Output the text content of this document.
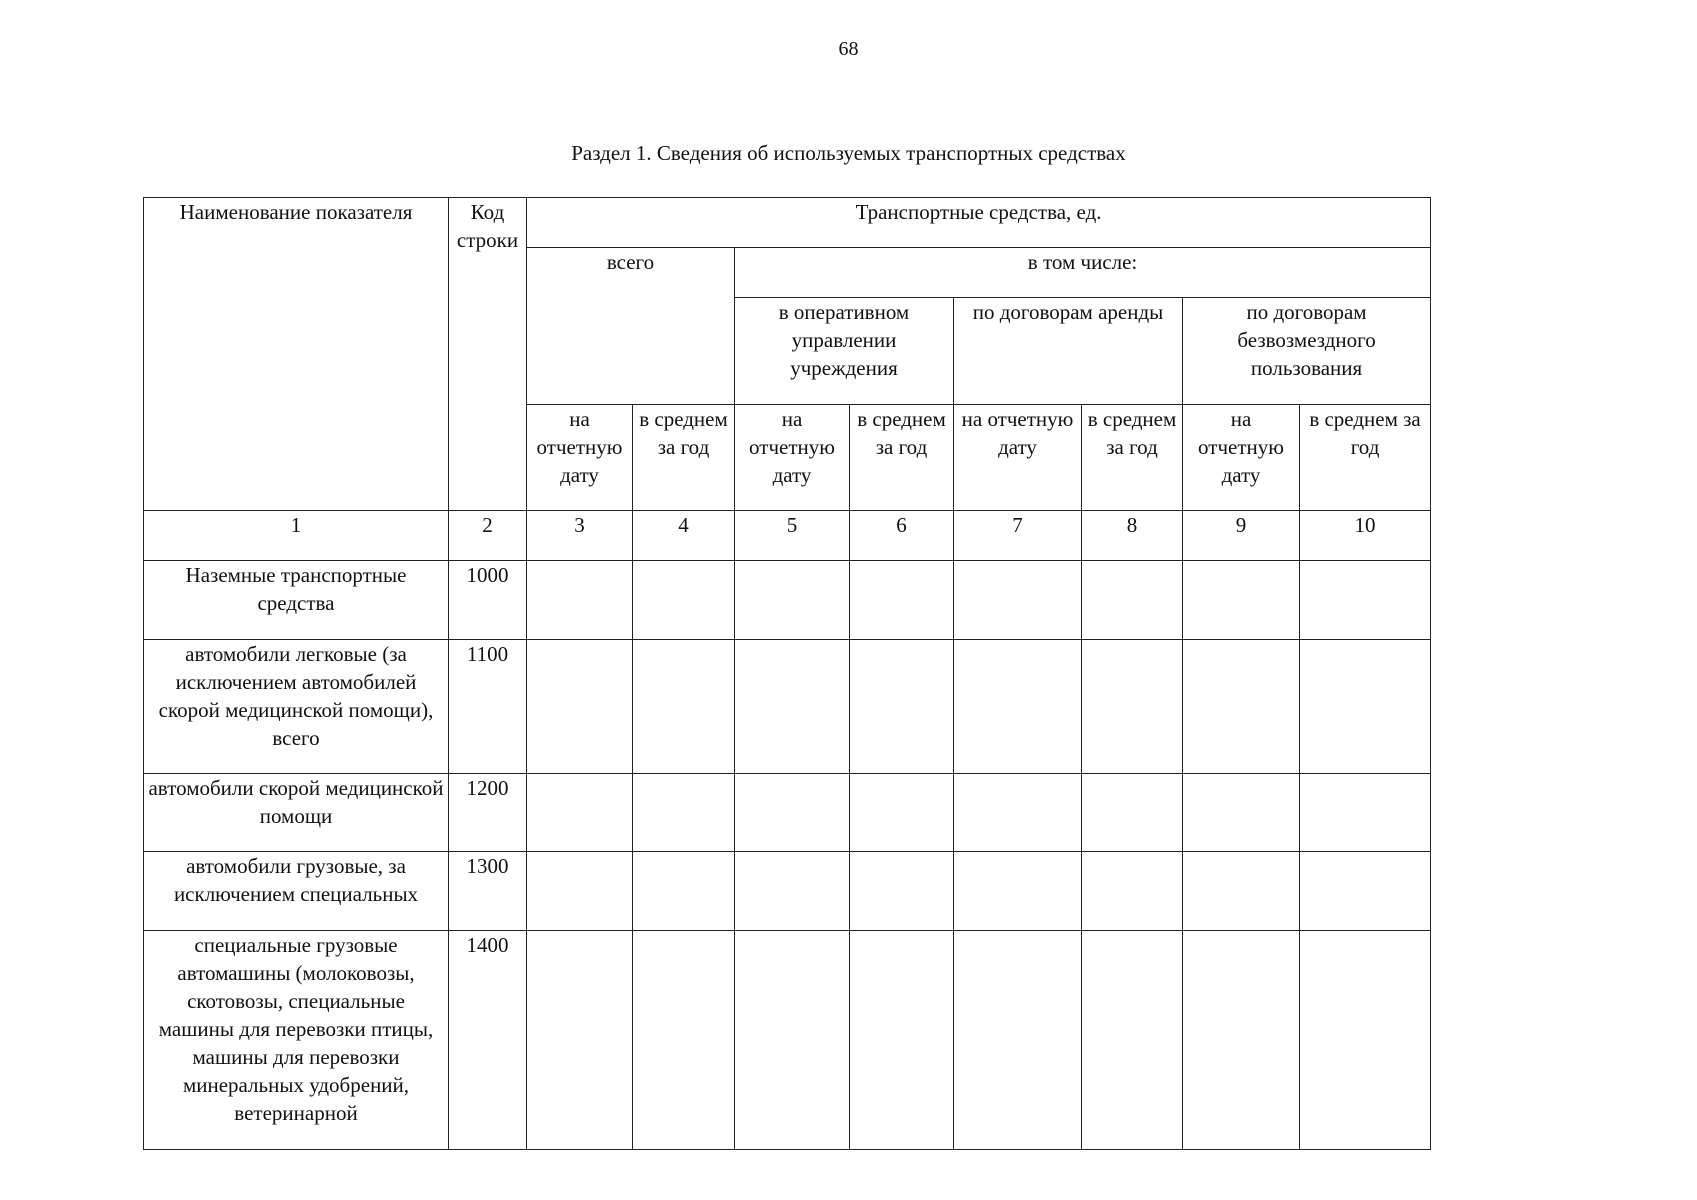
68
Раздел 1. Сведения об используемых транспортных средствах
Наименование показателя	Код строки	Транспортные средства, ед.							
		всего		в том числе:					
				в оперативном управлении учреждения		по договорам аренды		по договорам безвозмездного пользования	
		на отчетную дату	в среднем за год	на отчетную дату	в среднем за год	на отчетную дату	в среднем за год	на отчетную дату	в среднем за год
1	2	3	4	5	6	7	8	9	10
Наземные транспортные средства	1000								
автомобили легковые (за исключением автомобилей скорой медицинской помощи), всего	1100								
автомобили скорой медицинской помощи	1200								
автомобили грузовые, за исключением специальных	1300								
специальные грузовые автомашины (молоковозы, скотовозы, специальные машины для перевозки птицы, машины для перевозки минеральных удобрений, ветеринарной	1400								
